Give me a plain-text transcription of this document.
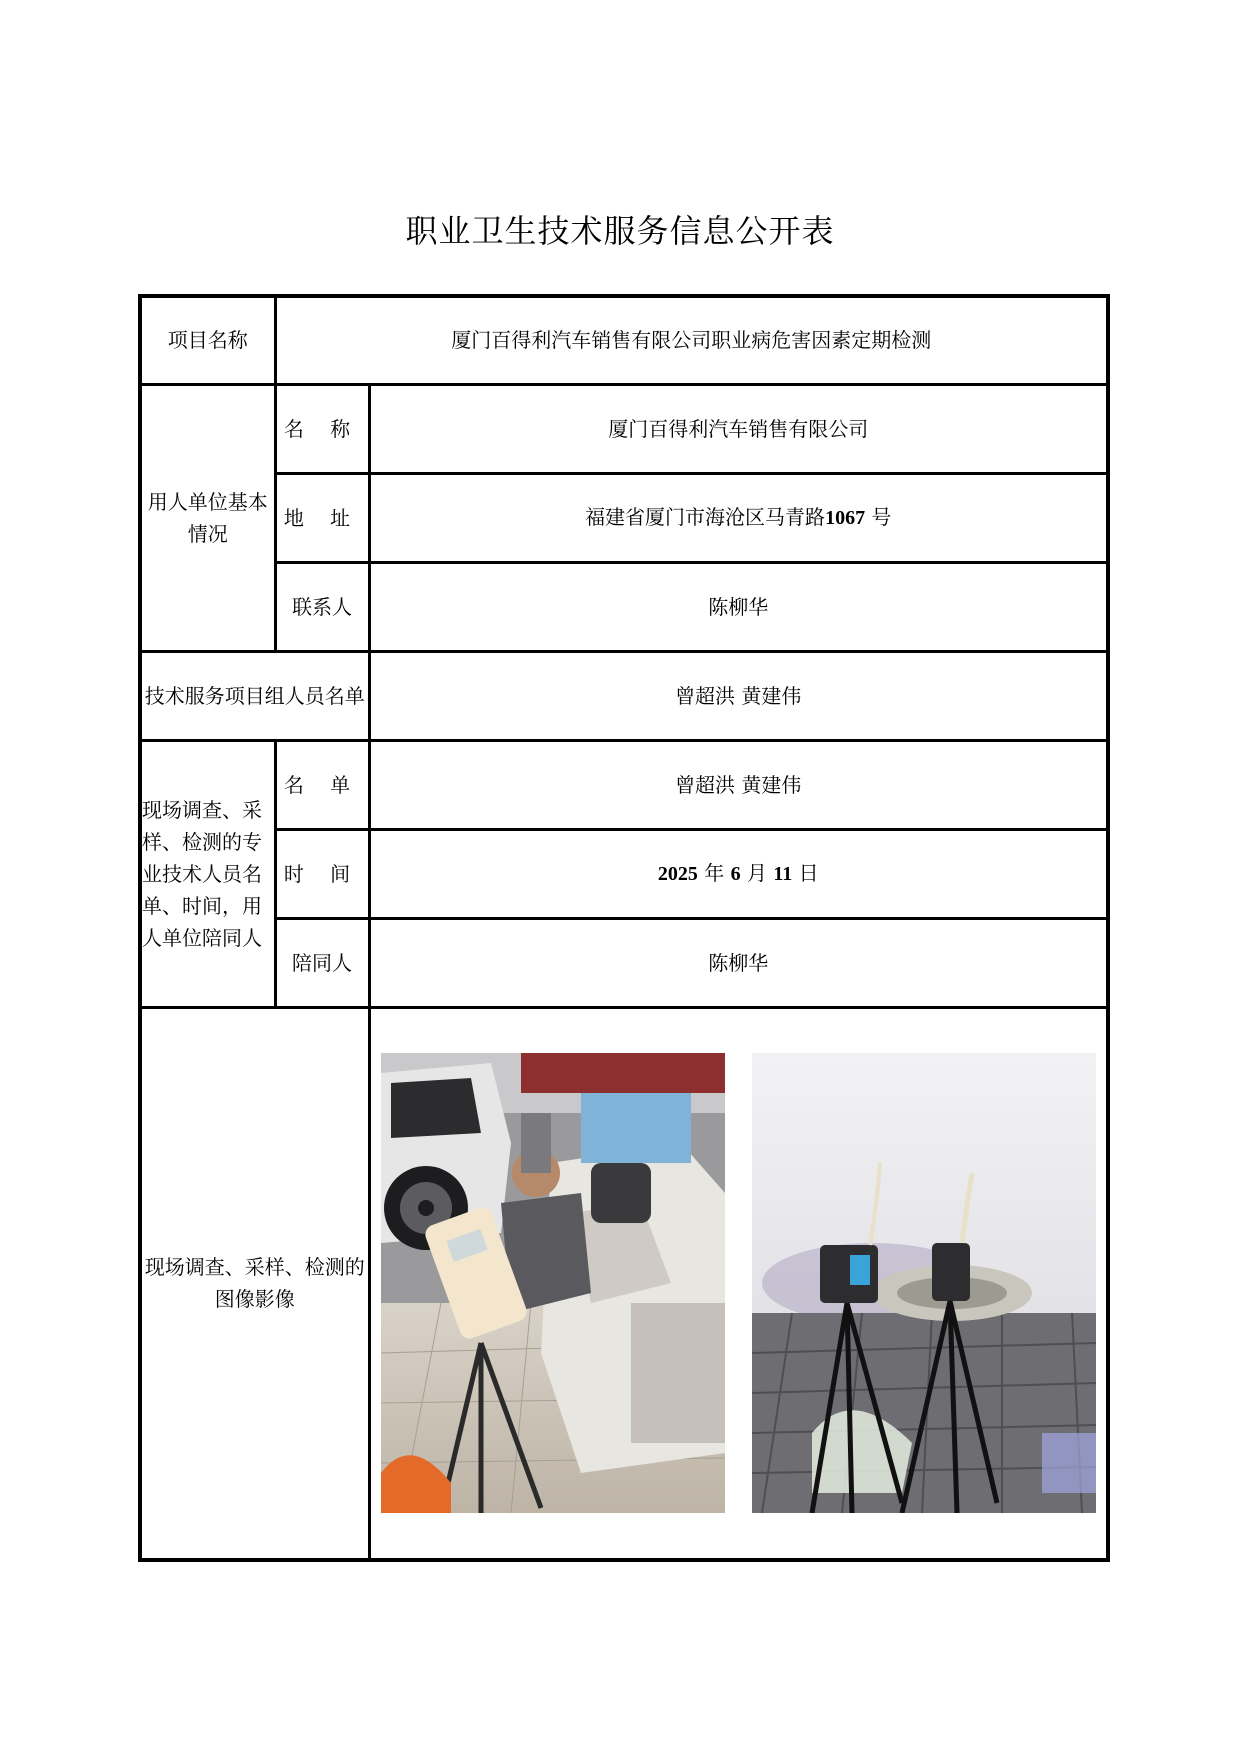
职业卫生技术服务信息公开表
项目名称	厦门百得利汽车销售有限公司职业病危害因素定期检测	
用人单位基本情况	名 称	厦门百得利汽车销售有限公司
	地 址	福建省厦门市海沧区马青路1067 号
	联系人	陈柳华
技术服务项目组人员名单		曾超洪 黄建伟
现场调查、采样、检测的专业技术人员名单、时间，用人单位陪同人	名 单	曾超洪 黄建伟
	时 间	2025 年 6 月 11 日
	陪同人	陈柳华
现场调查、采样、检测的图像影像	
